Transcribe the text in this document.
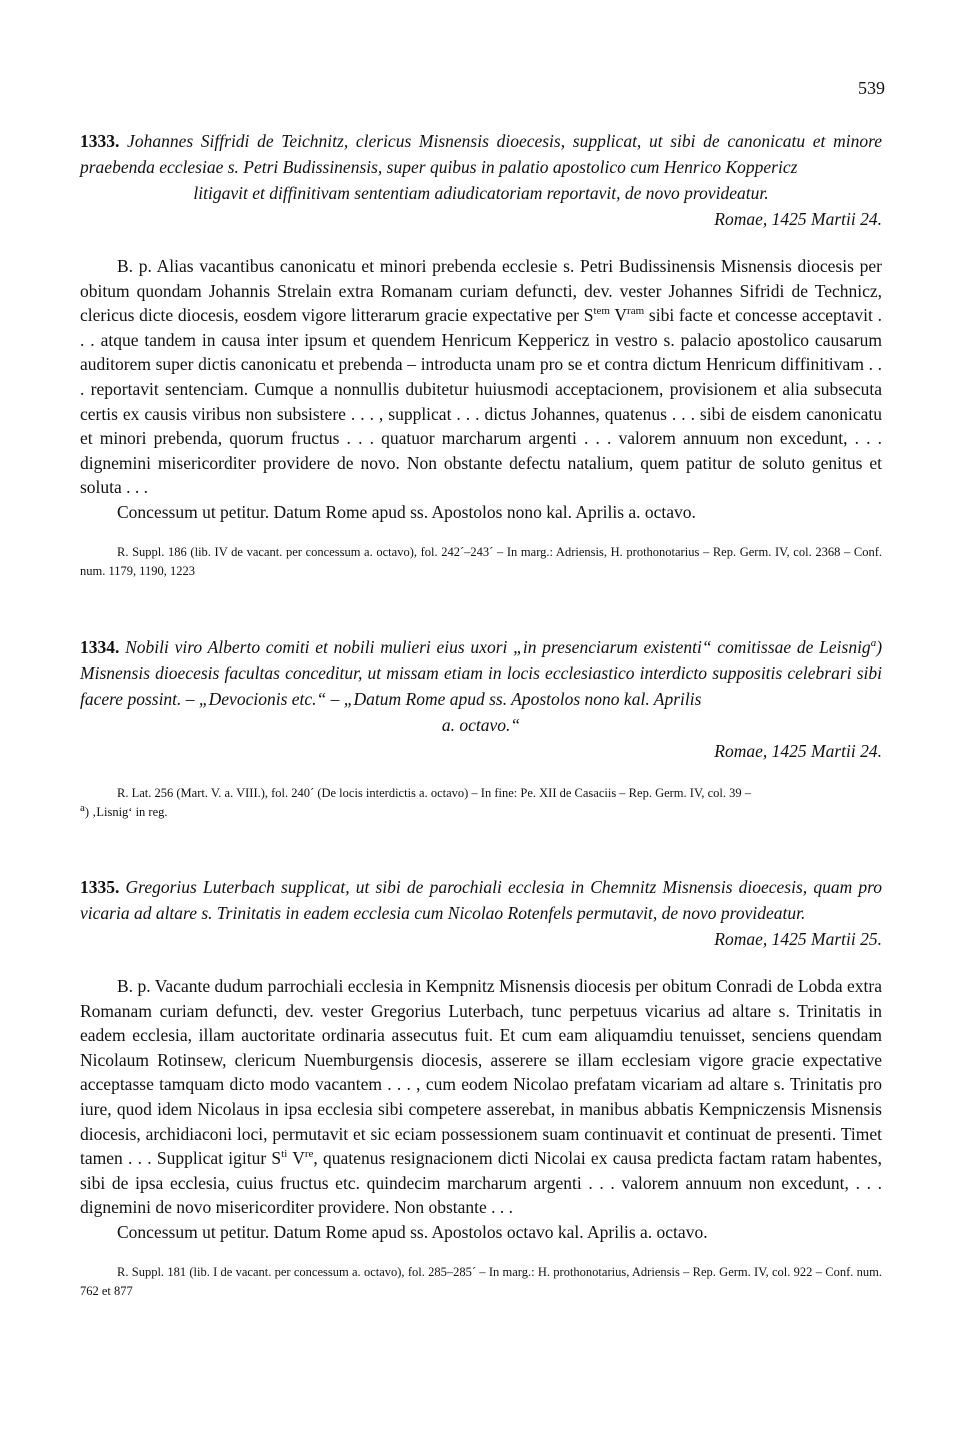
539

1333. Johannes Siffridi de Teichnitz, clericus Misnensis dioecesis, supplicat, ut sibi de canonicatu et minore praebenda ecclesiae s. Petri Budissinensis, super quibus in palatio apostolico cum Henrico Koppericz

litigavit et diffinitivam sententiam adiudicatoriam reportavit, de novo provideatur.

Romae, 1425 Martii 24.

B. p. Alias vacantibus canonicatu et minori prebenda ecclesie s. Petri Budissinensis Misnensis diocesis per obitum quondam Johannis Strelain extra Romanam curiam defuncti, dev. vester Johannes Sifridi de Technicz, clericus dicte diocesis, eosdem vigore litterarum gracie expectative per $S^{tem}$ $V^{ram}$ sibi facte et concesse acceptavit . . . atque tandem in causa inter ipsum et quendem Henricum Keppericz in vestro s. palacio apostolico causarum auditorem super dictis canonicatu et prebenda – introducta unam pro se et contra dictum Henricum diffinitivam . . . reportavit sentenciam. Cumque a nonnullis dubitetur huiusmodi acceptacionem, provisionem et alia subsecuta certis ex causis viribus non subsistere . . . , supplicat . . . dictus Johannes, quatenus . . . sibi de eisdem canonicatu et minori prebenda, quorum fructus . . . quatuor marcharum argenti . . . valorem annuum non excedunt, . . . dignemini misericorditer providere de novo. Non obstante defectu natalium, quem patitur de soluto genitus et soluta . . .

Concessum ut petitur. Datum Rome apud ss. Apostolos nono kal. Aprilis a. octavo.

R. Suppl. 186 (lib. IV de vacant. per concessum a. octavo), fol. 242´–243´ – In marg.: Adriensis, H. prothonotarius – Rep. Germ. IV, col. 2368 – Conf. num. 1179, 1190, 1223

1334. Nobili viro Alberto comiti et nobili mulieri eius uxori „in presenciarum existenti“ comitissae de Leisnig$^a$) Misnensis dioecesis facultas conceditur, ut missam etiam in locis ecclesiastico interdicto suppositis celebrari sibi facere possint. – „Devocionis etc.“ – „Datum Rome apud ss. Apostolos nono kal. Aprilis

a. octavo.“

Romae, 1425 Martii 24.

R. Lat. 256 (Mart. V. a. VIII.), fol. 240´ (De locis interdictis a. octavo) – In fine: Pe. XII de Casaciis – Rep. Germ. IV, col. 39 –

$^a$) ‚Lisnig‘ in reg.

1335. Gregorius Luterbach supplicat, ut sibi de parochiali ecclesia in Chemnitz Misnensis dioecesis, quam pro vicaria ad altare s. Trinitatis in eadem ecclesia cum Nicolao Rotenfels permutavit, de novo provideatur.

Romae, 1425 Martii 25.

B. p. Vacante dudum parrochiali ecclesia in Kempnitz Misnensis diocesis per obitum Conradi de Lobda extra Romanam curiam defuncti, dev. vester Gregorius Luterbach, tunc perpetuus vicarius ad altare s. Trinitatis in eadem ecclesia, illam auctoritate ordinaria assecutus fuit. Et cum eam aliquamdiu tenuisset, senciens quendam Nicolaum Rotinsew, clericum Nuemburgensis diocesis, asserere se illam ecclesiam vigore gracie expectative acceptasse tamquam dicto modo vacantem . . . , cum eodem Nicolao prefatam vicariam ad altare s. Trinitatis pro iure, quod idem Nicolaus in ipsa ecclesia sibi competere asserebat, in manibus abbatis Kempniczensis Misnensis diocesis, archidiaconi loci, permutavit et sic eciam possessionem suam continuavit et continuat de presenti. Timet tamen . . . Supplicat igitur $S^{ti}$ Vre, quatenus resignacionem dicti Nicolai ex causa predicta factam ratam habentes, sibi de ipsa ecclesia, cuius fructus etc. quindecim marcharum argenti . . . valorem annuum non excedunt, . . . dignemini de novo misericorditer providere. Non obstante . . .

Concessum ut petitur. Datum Rome apud ss. Apostolos octavo kal. Aprilis a. octavo.

R. Suppl. 181 (lib. I de vacant. per concessum a. octavo), fol. 285–285´ – In marg.: H. prothonotarius, Adriensis – Rep. Germ. IV, col. 922 – Conf. num. 762 et 877
